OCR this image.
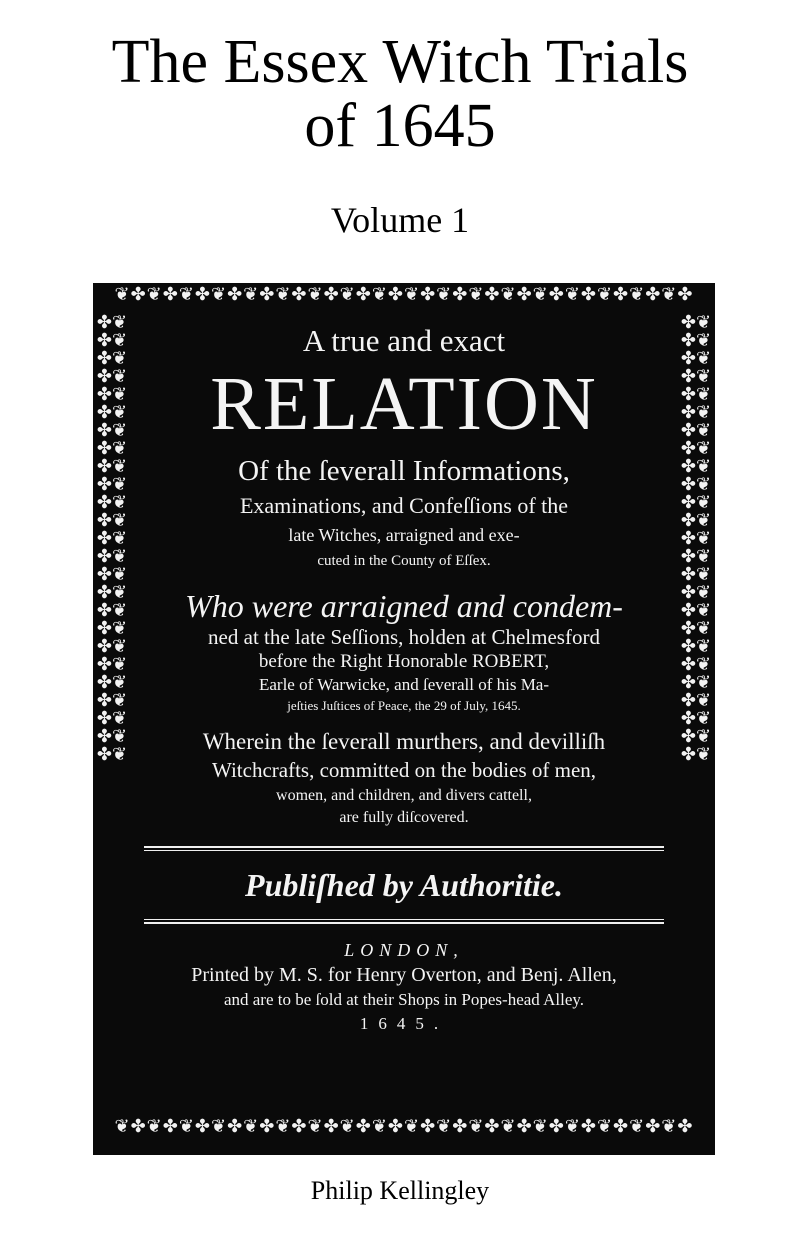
The Essex Witch Trials
of 1645
Volume 1
❦✤❦✤❦✤❦✤❦✤❦✤❦✤❦✤❦✤❦✤❦✤❦✤❦✤❦✤❦✤❦✤❦✤❦✤
✤❦✤❦✤❦✤❦✤❦✤❦✤❦✤❦✤❦✤❦✤❦✤❦✤❦✤❦✤❦✤❦✤❦✤❦✤❦✤❦✤❦✤❦✤❦✤❦✤❦
✤❦✤❦✤❦✤❦✤❦✤❦✤❦✤❦✤❦✤❦✤❦✤❦✤❦✤❦✤❦✤❦✤❦✤❦✤❦✤❦✤❦✤❦✤❦✤❦✤❦
❦✤❦✤❦✤❦✤❦✤❦✤❦✤❦✤❦✤❦✤❦✤❦✤❦✤❦✤❦✤❦✤❦✤❦✤
A true and exact
RELATION
Of the ſeverall Informations,
Examinations, and Confeſſions of the
late Witches, arraigned and exe-
cuted in the County of Eſſex.
Who were arraigned and condem-
ned at the late Seſſions, holden at Chelmesford
before the Right Honorable ROBERT,
Earle of Warwicke, and ſeverall of his Ma-
jeſties Juſtices of Peace, the 29 of July, 1645.
Wherein the ſeverall murthers, and devilliſh
Witchcrafts, committed on the bodies of men,
women, and children, and divers cattell,
are fully diſcovered.
Publiſhed by Authoritie.
LONDON,
Printed by M. S. for Henry Overton, and Benj. Allen,
and are to be ſold at their Shops in Popes-head Alley.
1645.
Philip Kellingley
